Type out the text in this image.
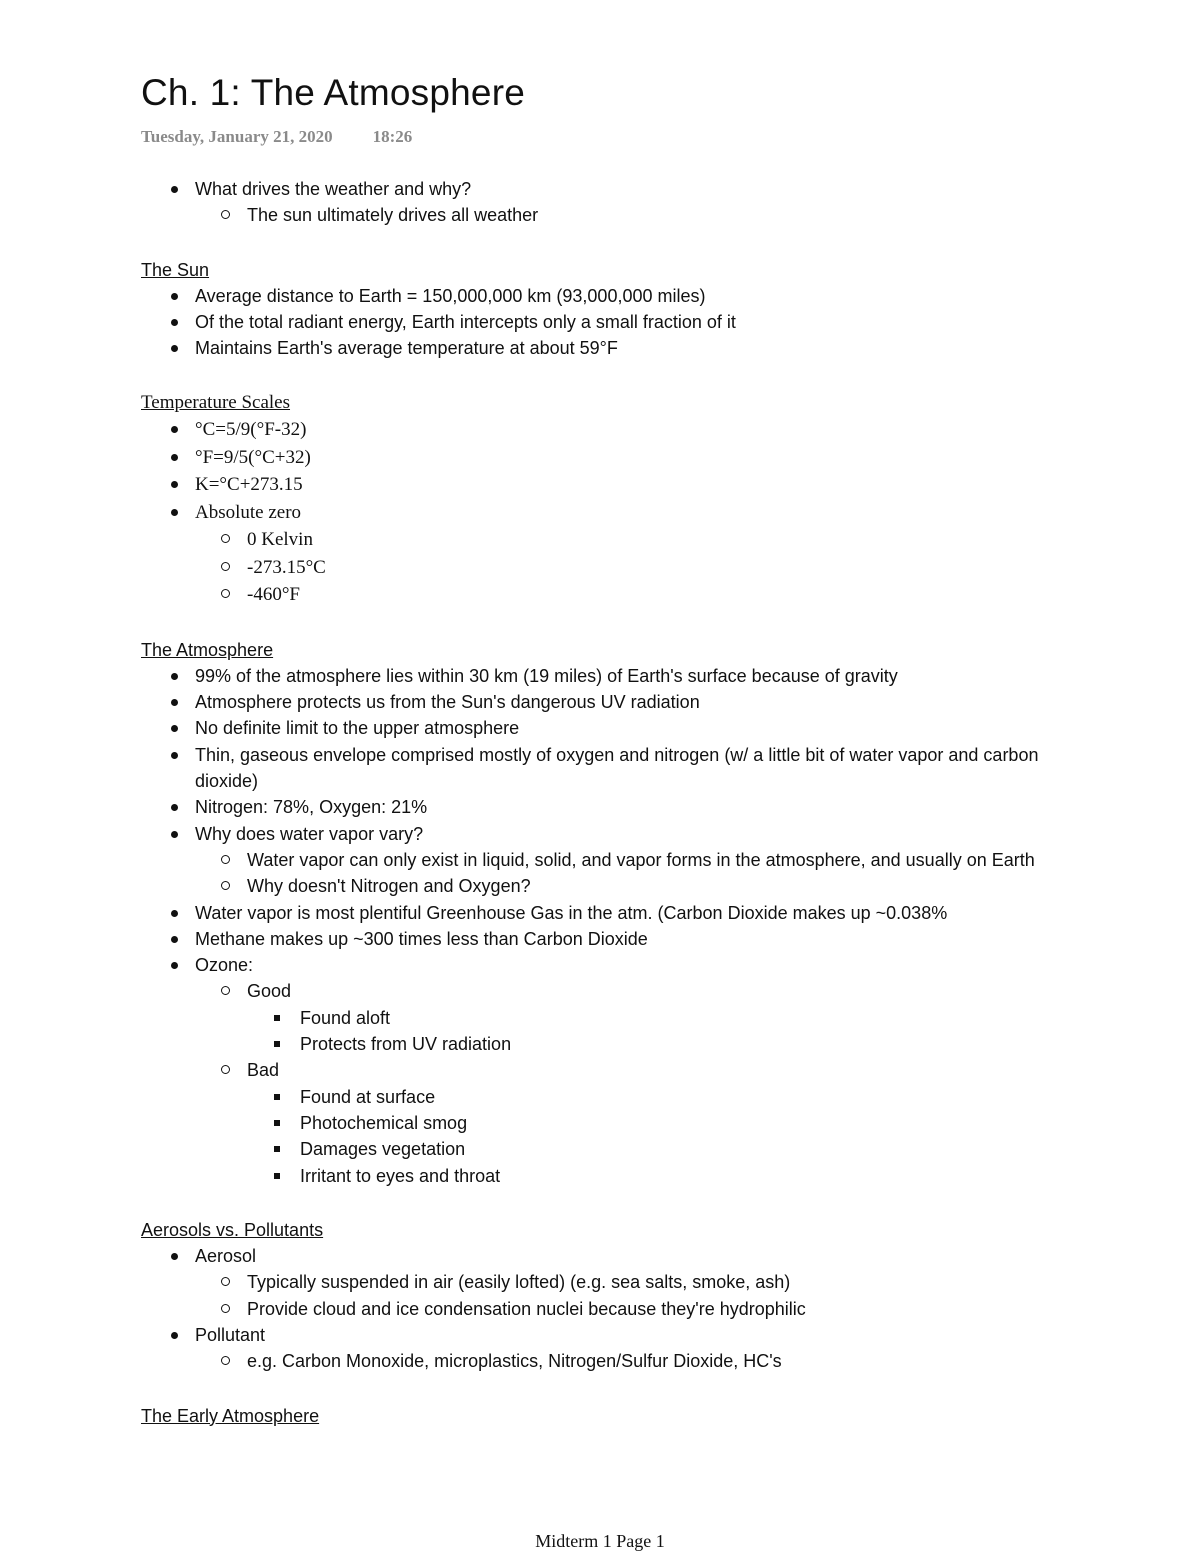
Ch. 1: The Atmosphere
Tuesday, January 21, 2020 18:26
What drives the weather and why?
The sun ultimately drives all weather
The Sun
Average distance to Earth = 150,000,000 km (93,000,000 miles)
Of the total radiant energy, Earth intercepts only a small fraction of it
Maintains Earth's average temperature at about 59°F
Temperature Scales
°C=5/9(°F-32)
°F=9/5(°C+32)
K=°C+273.15
Absolute zero
0 Kelvin
-273.15°C
-460°F
The Atmosphere
99% of the atmosphere lies within 30 km (19 miles) of Earth's surface because of gravity
Atmosphere protects us from the Sun's dangerous UV radiation
No definite limit to the upper atmosphere
Thin, gaseous envelope comprised mostly of oxygen and nitrogen (w/ a little bit of water vapor and carbon dioxide)
Nitrogen: 78%, Oxygen: 21%
Why does water vapor vary?
Water vapor can only exist in liquid, solid, and vapor forms in the atmosphere, and usually on Earth
Why doesn't Nitrogen and Oxygen?
Water vapor is most plentiful Greenhouse Gas in the atm. (Carbon Dioxide makes up ~0.038%
Methane makes up ~300 times less than Carbon Dioxide
Ozone:
Good
Found aloft
Protects from UV radiation
Bad
Found at surface
Photochemical smog
Damages vegetation
Irritant to eyes and throat
Aerosols vs. Pollutants
Aerosol
Typically suspended in air (easily lofted) (e.g. sea salts, smoke, ash)
Provide cloud and ice condensation nuclei because they're hydrophilic
Pollutant
e.g. Carbon Monoxide, microplastics, Nitrogen/Sulfur Dioxide, HC's
The Early Atmosphere
Midterm 1 Page 1
